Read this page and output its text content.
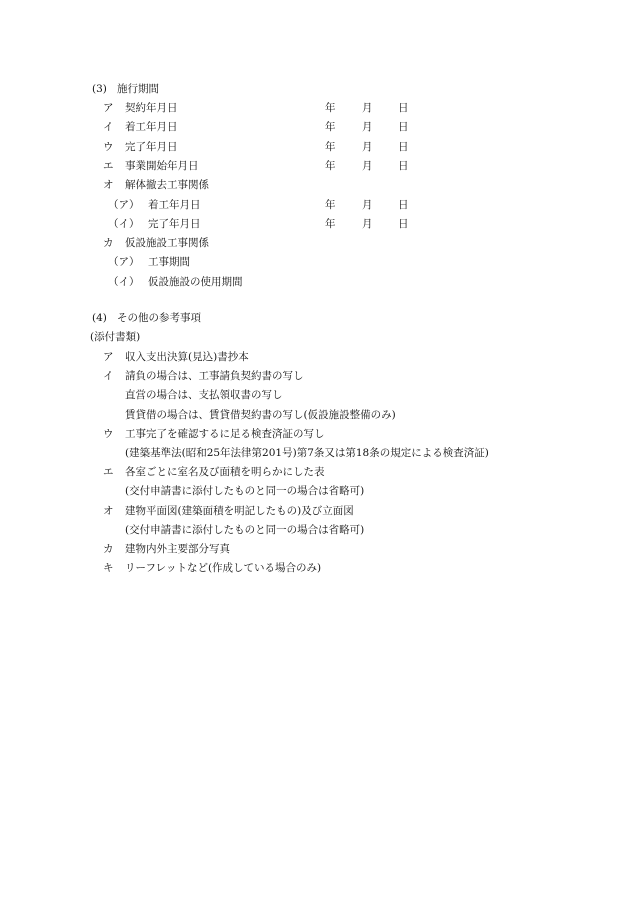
(3) 施行期間
ア 契約年月日	年	月 日
イ 着工年月日	年	月 日
ウ 完了年月日	年	月 日
エ 事業開始年月日	年	月 日
オ 解体撤去工事関係
（ア） 着工年月日	年	月 日
（イ） 完了年月日	年	月 日
カ 仮設施設工事関係
（ア） 工事期間
（イ） 仮設施設の使用期間
(4) その他の参考事項
(添付書類)
ア 収入支出決算(見込)書抄本
イ 請負の場合は、工事請負契約書の写し
直営の場合は、支払領収書の写し
賃貸借の場合は、賃貸借契約書の写し(仮設施設整備のみ)
ウ 工事完了を確認するに足る検査済証の写し
(建築基準法(昭和25年法律第201号)第7条又は第18条の規定による検査済証)
エ 各室ごとに室名及び面積を明らかにした表
(交付申請書に添付したものと同一の場合は省略可)
オ 建物平面図(建築面積を明記したもの)及び立面図
(交付申請書に添付したものと同一の場合は省略可)
カ 建物内外主要部分写真
キ リーフレットなど(作成している場合のみ)
